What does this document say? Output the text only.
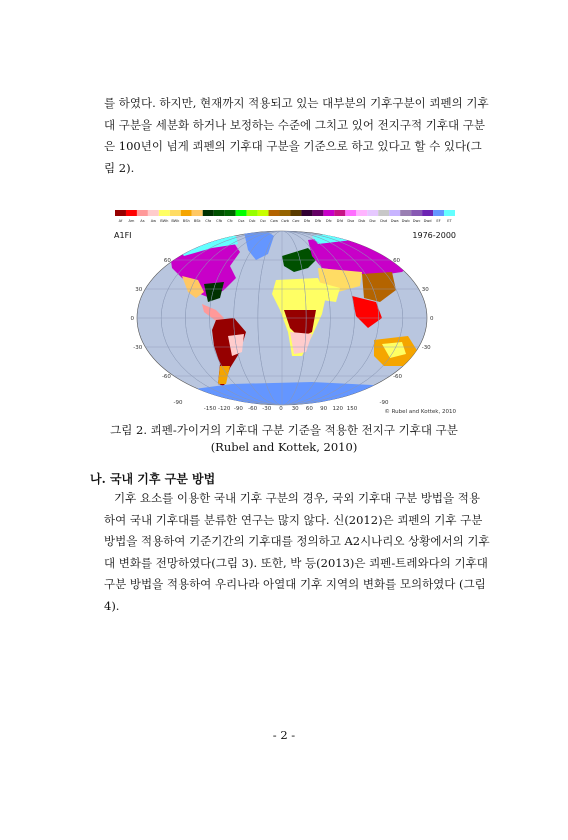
를 하였다. 하지만, 현재까지 적용되고 있는 대부분의 기후구분이 쾨펜의 기후
대 구분을 세분화 하거나 보정하는 수준에 그치고 있어 전지구적 기후대 구분
은 100년이 넘게 쾨펜의 기후대 구분을 기준으로 하고 있다고 할 수 있다(그
림 2).
Af Am As Aw BWh BWk BSh BSk Cfa Cfb Cfc Csa Csb Csc Cwa Cwb Cwc Dfa Dfb Dfc Dfd Dsa Dsb Dsc Dsd Dwa Dwb Dwc Dwd EF ET
A1FI	1976-2000
60
30
0
-30
-60
60
30
0
-30
-60
-150 -120 -90 -60 -30 0 30 60 90 120 150
-90	-90
© Rubel and Kottek, 2010
그림 2. 쾨펜-가이거의 기후대 구분 기준을 적용한 전지구 기후대 구분
(Rubel and Kottek, 2010)
나. 국내 기후 구분 방법
기후 요소를 이용한 국내 기후 구분의 경우, 국외 기후대 구분 방법을 적용
하여 국내 기후대를 분류한 연구는 많지 않다. 신(2012)은 쾨펜의 기후 구분
방법을 적용하여 기준기간의 기후대를 정의하고 A2시나리오 상황에서의 기후
대 변화를 전망하였다(그림 3). 또한, 박 등(2013)은 쾨펜-트레와다의 기후대
구분 방법을 적용하여 우리나라 아열대 기후 지역의 변화를 모의하였다 (그림
4).
- 2 -
